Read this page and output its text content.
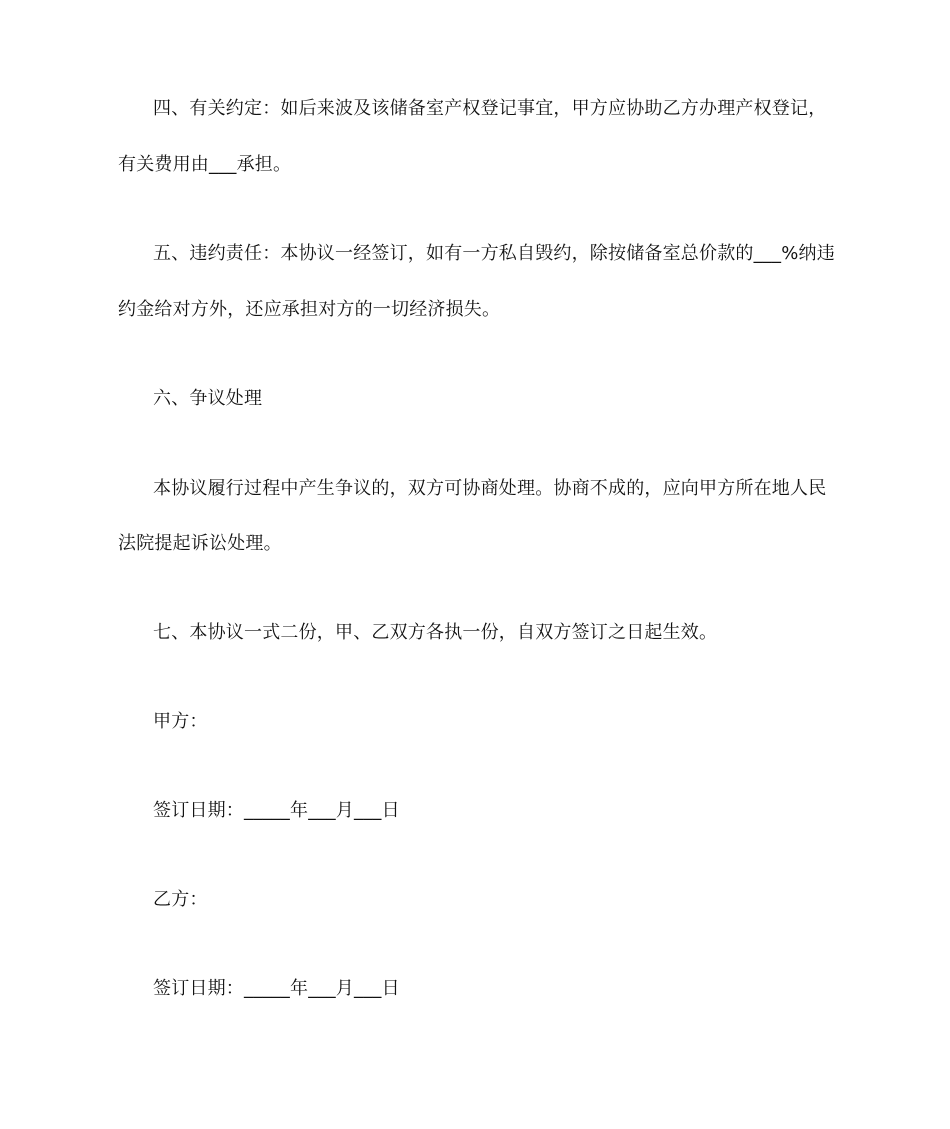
四、有关约定：如后来波及该储备室产权登记事宜，甲方应协助乙方办理产权登记，
有关费用由___承担。
五、违约责任：本协议一经签订，如有一方私自毁约，除按储备室总价款的___%纳违
约金给对方外，还应承担对方的一切经济损失。
六、争议处理
本协议履行过程中产生争议的，双方可协商处理。协商不成的，应向甲方所在地人民
法院提起诉讼处理。
七、本协议一式二份，甲、乙双方各执一份，自双方签订之日起生效。
甲方：
签订日期：_____年___月___日
乙方：
签订日期：_____年___月___日
